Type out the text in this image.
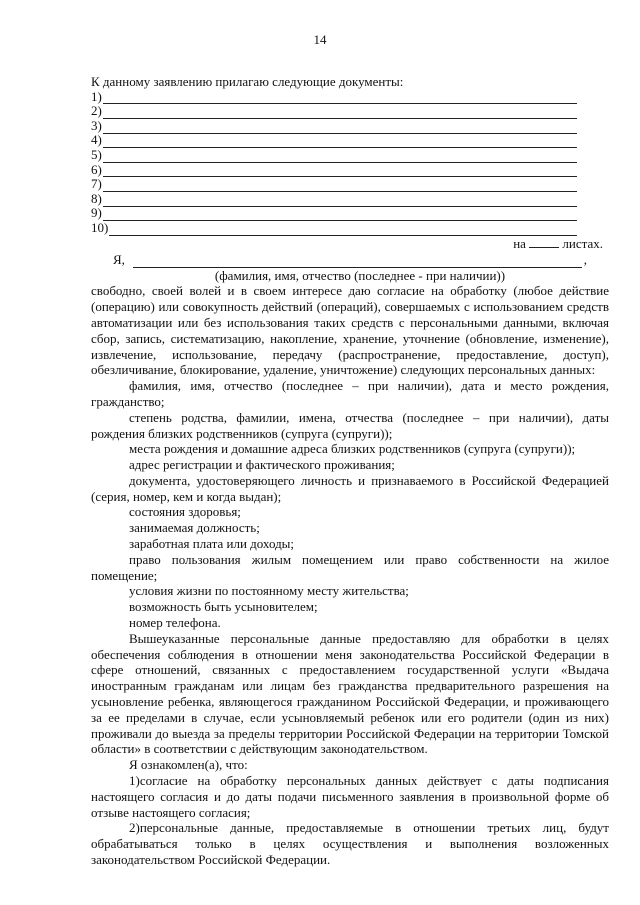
14

К данному заявлению прилагаю следующие документы:

1)
2)
3)
4)
5)
6)
7)
8)
9)
10)
на	листах.
Я,	,
(фамилия, имя, отчество (последнее - при наличии))

свободно, своей волей и в своем интересе даю согласие на обработку (любое действие (операцию) или совокупность действий (операций), совершаемых с использованием средств автоматизации или без использования таких средств с персональными данными, включая сбор, запись, систематизацию, накопление, хранение, уточнение (обновление, изменение), извлечение, использование, передачу (распространение, предоставление, доступ), обезличивание, блокирование, удаление, уничтожение) следующих персональных данных:

фамилия, имя, отчество (последнее – при наличии), дата и место рождения, гражданство;

степень родства, фамилии, имена, отчества (последнее – при наличии), даты рождения близких родственников (супруга (супруги));

места рождения и домашние адреса близких родственников (супруга (супруги));

адрес регистрации и фактического проживания;

документа, удостоверяющего личность и признаваемого в Российской Федерацией (серия, номер, кем и когда выдан);

состояния здоровья;

занимаемая должность;

заработная плата или доходы;

право пользования жилым помещением или право собственности на жилое помещение;

условия жизни по постоянному месту жительства;

возможность быть усыновителем;

номер телефона.

Вышеуказанные персональные данные предоставляю для обработки в целях обеспечения соблюдения в отношении меня законодательства Российской Федерации в сфере отношений, связанных с предоставлением государственной услуги «Выдача иностранным гражданам или лицам без гражданства предварительного разрешения на усыновление ребенка, являющегося гражданином Российской Федерации, и проживающего за ее пределами в случае, если усыновляемый ребенок или его родители (один из них) проживали до выезда за пределы территории Российской Федерации на территории Томской области» в соответствии с действующим законодательством.

Я ознакомлен(а), что:

1)согласие на обработку персональных данных действует с даты подписания настоящего согласия и до даты подачи письменного заявления в произвольной форме об отзыве настоящего согласия;

2)персональные данные, предоставляемые в отношении третьих лиц, будут обрабатываться только в целях осуществления и выполнения возложенных законодательством Российской Федерации.
